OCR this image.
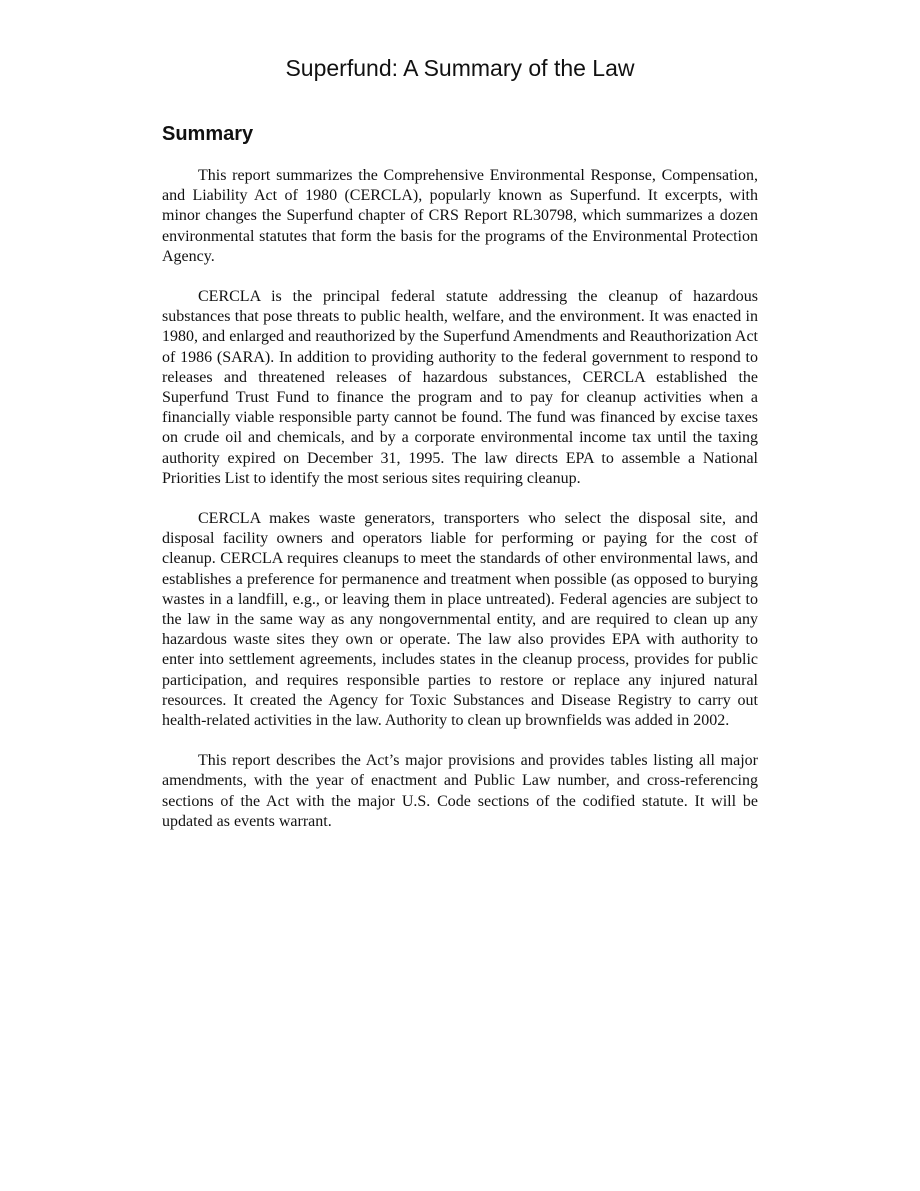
Superfund: A Summary of the Law
Summary

This report summarizes the Comprehensive Environmental Response, Compensation, and Liability Act of 1980 (CERCLA), popularly known as Superfund. It excerpts, with minor changes the Superfund chapter of CRS Report RL30798, which summarizes a dozen environmental statutes that form the basis for the programs of the Environmental Protection Agency.

CERCLA is the principal federal statute addressing the cleanup of hazardous substances that pose threats to public health, welfare, and the environment. It was enacted in 1980, and enlarged and reauthorized by the Superfund Amendments and Reauthorization Act of 1986 (SARA). In addition to providing authority to the federal government to respond to releases and threatened releases of hazardous substances, CERCLA established the Superfund Trust Fund to finance the program and to pay for cleanup activities when a financially viable responsible party cannot be found. The fund was financed by excise taxes on crude oil and chemicals, and by a corporate environmental income tax until the taxing authority expired on December 31, 1995. The law directs EPA to assemble a National Priorities List to identify the most serious sites requiring cleanup.

CERCLA makes waste generators, transporters who select the disposal site, and disposal facility owners and operators liable for performing or paying for the cost of cleanup. CERCLA requires cleanups to meet the standards of other environmental laws, and establishes a preference for permanence and treatment when possible (as opposed to burying wastes in a landfill, e.g., or leaving them in place untreated). Federal agencies are subject to the law in the same way as any nongovernmental entity, and are required to clean up any hazardous waste sites they own or operate. The law also provides EPA with authority to enter into settlement agreements, includes states in the cleanup process, provides for public participation, and requires responsible parties to restore or replace any injured natural resources. It created the Agency for Toxic Substances and Disease Registry to carry out health-related activities in the law. Authority to clean up brownfields was added in 2002.

This report describes the Act’s major provisions and provides tables listing all major amendments, with the year of enactment and Public Law number, and cross-referencing sections of the Act with the major U.S. Code sections of the codified statute. It will be updated as events warrant.
